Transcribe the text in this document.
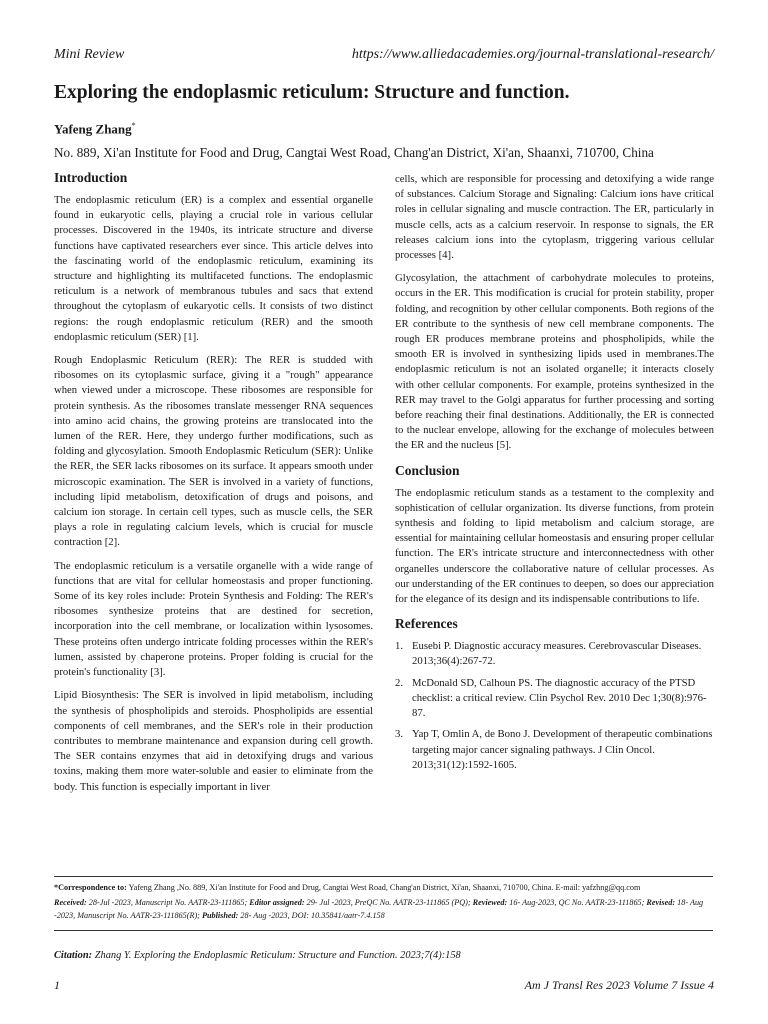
Mini Review	https://www.alliedacademies.org/journal-translational-research/
Exploring the endoplasmic reticulum: Structure and function.
Yafeng Zhang*
No. 889, Xi'an Institute for Food and Drug, Cangtai West Road, Chang'an District, Xi'an, Shaanxi, 710700, China
Introduction

The endoplasmic reticulum (ER) is a complex and essential organelle found in eukaryotic cells, playing a crucial role in various cellular processes. Discovered in the 1940s, its intricate structure and diverse functions have captivated researchers ever since. This article delves into the fascinating world of the endoplasmic reticulum, examining its structure and highlighting its multifaceted functions. The endoplasmic reticulum is a network of membranous tubules and sacs that extend throughout the cytoplasm of eukaryotic cells. It consists of two distinct regions: the rough endoplasmic reticulum (RER) and the smooth endoplasmic reticulum (SER) [1].

Rough Endoplasmic Reticulum (RER): The RER is studded with ribosomes on its cytoplasmic surface, giving it a "rough" appearance when viewed under a microscope. These ribosomes are responsible for protein synthesis. As the ribosomes translate messenger RNA sequences into amino acid chains, the growing proteins are translocated into the lumen of the RER. Here, they undergo further modifications, such as folding and glycosylation. Smooth Endoplasmic Reticulum (SER): Unlike the RER, the SER lacks ribosomes on its surface. It appears smooth under microscopic examination. The SER is involved in a variety of functions, including lipid metabolism, detoxification of drugs and poisons, and calcium ion storage. In certain cell types, such as muscle cells, the SER plays a role in regulating calcium levels, which is crucial for muscle contraction [2].

The endoplasmic reticulum is a versatile organelle with a wide range of functions that are vital for cellular homeostasis and proper functioning. Some of its key roles include: Protein Synthesis and Folding: The RER's ribosomes synthesize proteins that are destined for secretion, incorporation into the cell membrane, or localization within lysosomes. These proteins often undergo intricate folding processes within the RER's lumen, assisted by chaperone proteins. Proper folding is crucial for the protein's functionality [3].

Lipid Biosynthesis: The SER is involved in lipid metabolism, including the synthesis of phospholipids and steroids. Phospholipids are essential components of cell membranes, and the SER's role in their production contributes to membrane maintenance and expansion during cell growth. The SER contains enzymes that aid in detoxifying drugs and various toxins, making them more water-soluble and easier to eliminate from the body. This function is especially important in liver

cells, which are responsible for processing and detoxifying a wide range of substances. Calcium Storage and Signaling: Calcium ions have critical roles in cellular signaling and muscle contraction. The ER, particularly in muscle cells, acts as a calcium reservoir. In response to signals, the ER releases calcium ions into the cytoplasm, triggering various cellular processes [4].

Glycosylation, the attachment of carbohydrate molecules to proteins, occurs in the ER. This modification is crucial for protein stability, proper folding, and recognition by other cellular components. Both regions of the ER contribute to the synthesis of new cell membrane components. The rough ER produces membrane proteins and phospholipids, while the smooth ER is involved in synthesizing lipids used in membranes.The endoplasmic reticulum is not an isolated organelle; it interacts closely with other cellular components. For example, proteins synthesized in the RER may travel to the Golgi apparatus for further processing and sorting before reaching their final destinations. Additionally, the ER is connected to the nuclear envelope, allowing for the exchange of molecules between the ER and the nucleus [5].

Conclusion

The endoplasmic reticulum stands as a testament to the complexity and sophistication of cellular organization. Its diverse functions, from protein synthesis and folding to lipid metabolism and calcium storage, are essential for maintaining cellular homeostasis and ensuring proper cellular function. The ER's intricate structure and interconnectedness with other organelles underscore the collaborative nature of cellular processes. As our understanding of the ER continues to deepen, so does our appreciation for the elegance of its design and its indispensable contributions to life.

References
1. Eusebi P. Diagnostic accuracy measures. Cerebrovascular Diseases. 2013;36(4):267-72.
2. McDonald SD, Calhoun PS. The diagnostic accuracy of the PTSD checklist: a critical review. Clin Psychol Rev. 2010 Dec 1;30(8):976-87.
3. Yap T, Omlin A, de Bono J. Development of therapeutic combinations targeting major cancer signaling pathways. J Clin Oncol. 2013;31(12):1592-1605.
*Correspondence to: Yafeng Zhang ,No. 889, Xi'an Institute for Food and Drug, Cangtai West Road, Chang'an District, Xi'an, Shaanxi, 710700, China. E-mail: yafzhng@qq.com
Received: 28-Jul -2023, Manuscript No. AATR-23-111865; Editor assigned: 29- Jul -2023, PreQC No. AATR-23-111865 (PQ); Reviewed: 16- Aug-2023, QC No. AATR-23-111865; Revised: 18- Aug -2023, Manuscript No. AATR-23-111865(R); Published: 28- Aug -2023, DOI: 10.35841/aatr-7.4.158
Citation: Zhang Y. Exploring the Endoplasmic Reticulum: Structure and Function. 2023;7(4):158
1	Am J Transl Res 2023 Volume 7 Issue 4
